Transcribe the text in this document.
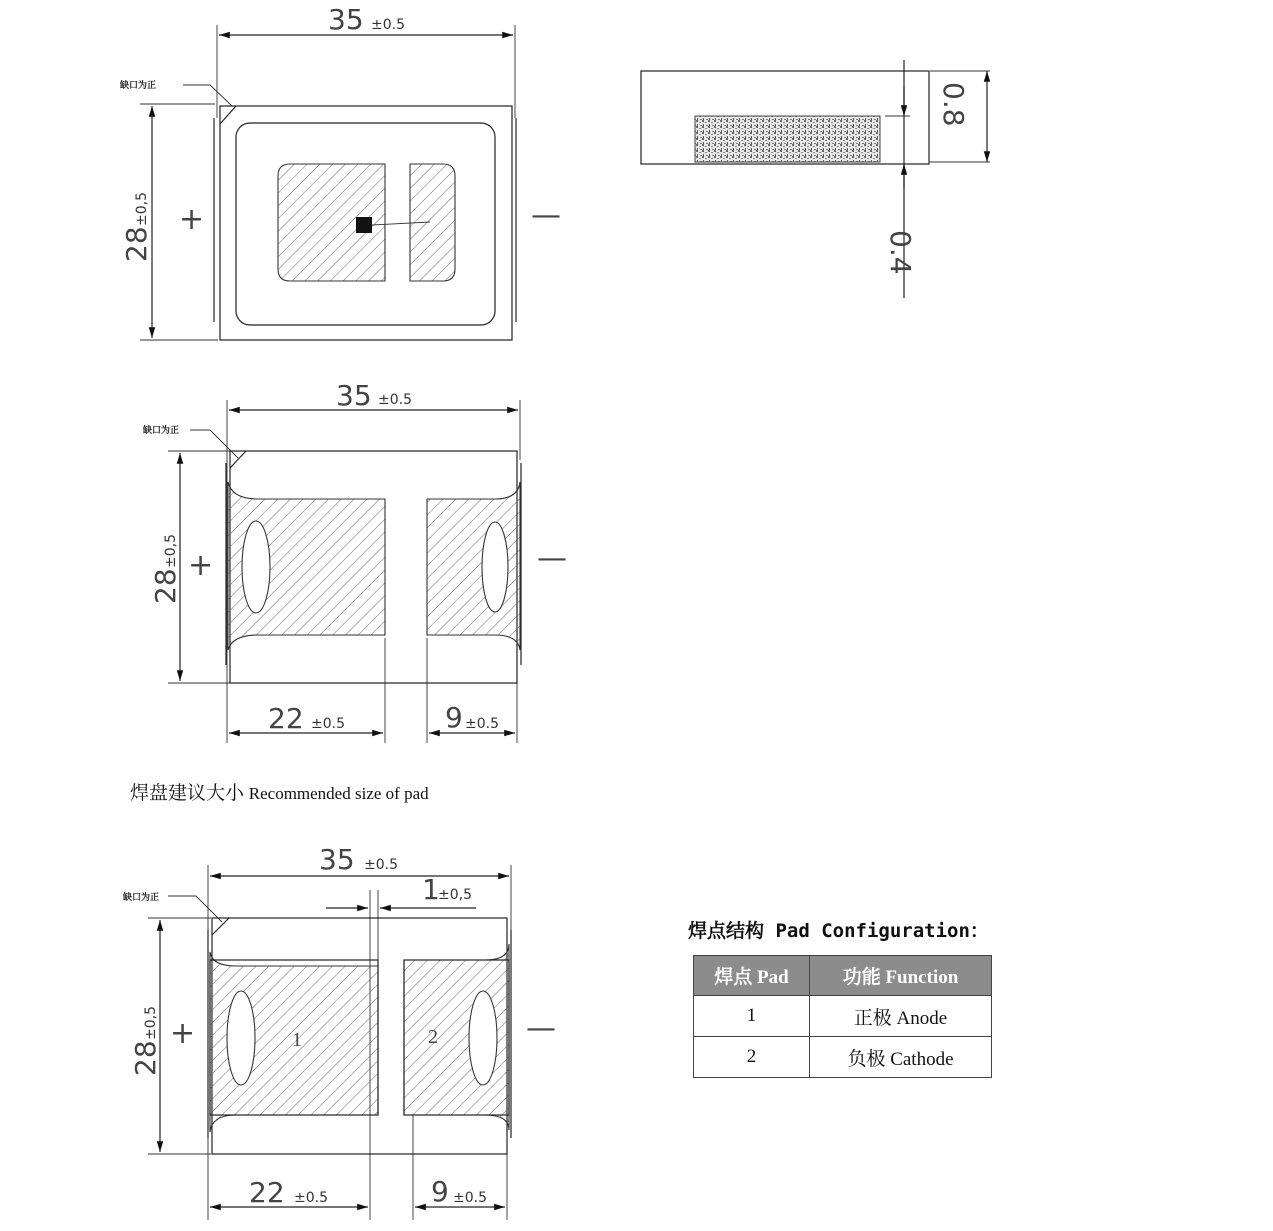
35 ±0.5
28
±0,5
缺口为正
+	—
0.8
0.4
35 ±0.5
28
±0,5
缺口为正
22 ±0.5	9 ±0.5
+	—
35 ±0.5
1
±0,5
28
±0,5
缺口为正
1	2
22 ±0.5	9 ±0.5
+	—
焊盘建议大小 Recommended size of pad
焊点结构 Pad Configuration：
焊点 Pad	功能 Function
1	正极 Anode
2	负极 Cathode
